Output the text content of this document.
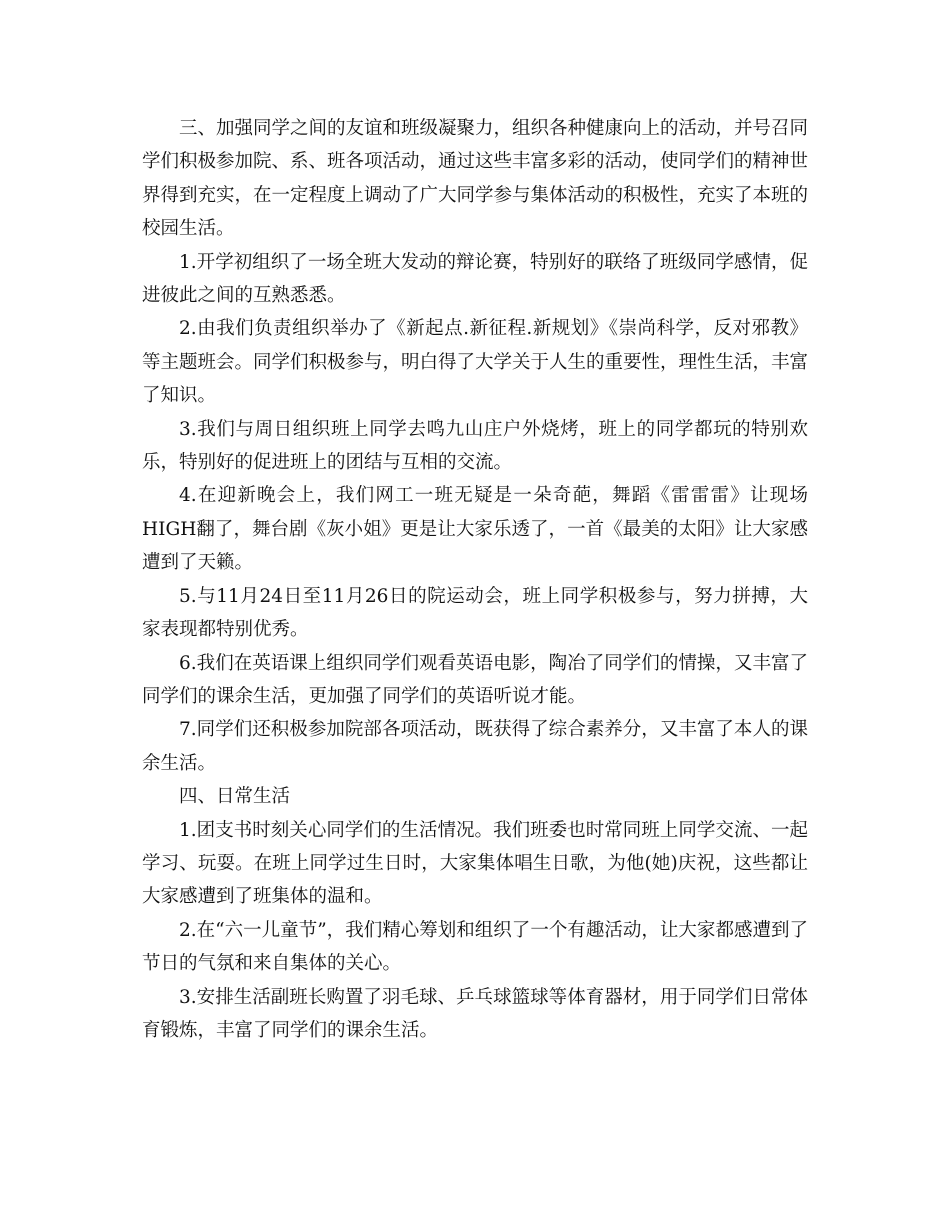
三、加强同学之间的友谊和班级凝聚力，组织各种健康向上的活动，并号召同学们积极参加院、系、班各项活动，通过这些丰富多彩的活动，使同学们的精神世界得到充实，在一定程度上调动了广大同学参与集体活动的积极性，充实了本班的校园生活。

1.开学初组织了一场全班大发动的辩论赛，特别好的联络了班级同学感情，促进彼此之间的互熟悉悉。

2.由我们负责组织举办了《新起点.新征程.新规划》《崇尚科学，反对邪教》等主题班会。同学们积极参与，明白得了大学关于人生的重要性，理性生活，丰富了知识。

3.我们与周日组织班上同学去鸣九山庄户外烧烤，班上的同学都玩的特别欢乐，特别好的促进班上的团结与互相的交流。

4.在迎新晚会上，我们网工一班无疑是一朵奇葩，舞蹈《雷雷雷》让现场HIGH翻了，舞台剧《灰小姐》更是让大家乐透了，一首《最美的太阳》让大家感遭到了天籁。

5.与11月24日至11月26日的院运动会，班上同学积极参与，努力拼搏，大家表现都特别优秀。

6.我们在英语课上组织同学们观看英语电影，陶冶了同学们的情操，又丰富了同学们的课余生活，更加强了同学们的英语听说才能。

7.同学们还积极参加院部各项活动，既获得了综合素养分，又丰富了本人的课余生活。

四、日常生活

1.团支书时刻关心同学们的生活情况。我们班委也时常同班上同学交流、一起学习、玩耍。在班上同学过生日时，大家集体唱生日歌，为他(她)庆祝，这些都让大家感遭到了班集体的温和。

2.在“六一儿童节”，我们精心筹划和组织了一个有趣活动，让大家都感遭到了节日的气氛和来自集体的关心。

3.安排生活副班长购置了羽毛球、乒乓球篮球等体育器材，用于同学们日常体育锻炼，丰富了同学们的课余生活。
